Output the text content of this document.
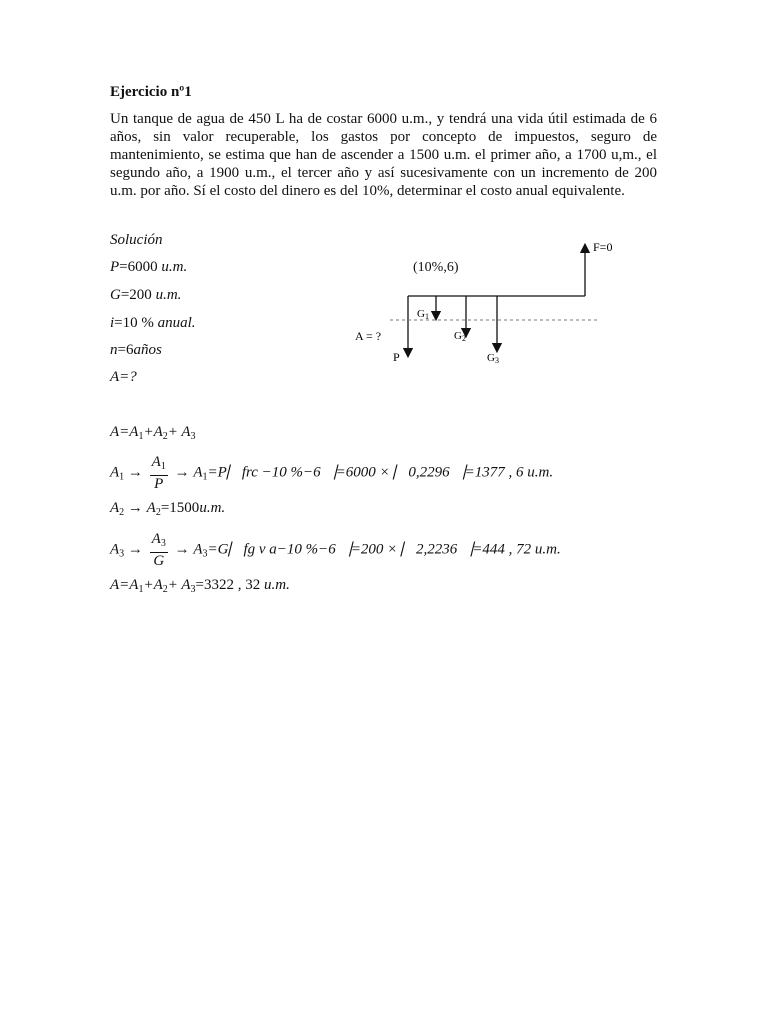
Ejercicio nº1

Un tanque de agua de 450 L ha de costar 6000 u.m., y tendrá una vida útil estimada de 6 años, sin valor recuperable, los gastos por concepto de impuestos, seguro de mantenimiento, se estima que han de ascender a 1500 u.m. el primer año, a 1700 u,m., el segundo año, a 1900 u.m., el tercer año y así sucesivamente con un incremento de 200 u.m. por año. Sí el costo del dinero es del 10%, determinar el costo anual equivalente.

Solución
P=6000 u.m.
G=200 u.m.
i=10 % anual.
n=6años
A=?
$A=A_1+A_2+ A_3$
$A_1 \to \frac{A_1}{P}$ → $A_1=P⎸frc -10$ %−6⎹=6000 × ⎸0,2296⎹=1377 , 6 u.m.
$A_2 \to A_2=1500u.m$.
$A_3 \to \frac{A_3}{G}$ → $A_3=G⎸fg$ v a−10 %−6⎹=200 × ⎸2,2236⎹=444 , 72 u.m.
$A=A_1+A_2+ A_3=3322$ , 32 u.m.
(10%,6)
F=0
P
A = ?
G1
G2
G3
